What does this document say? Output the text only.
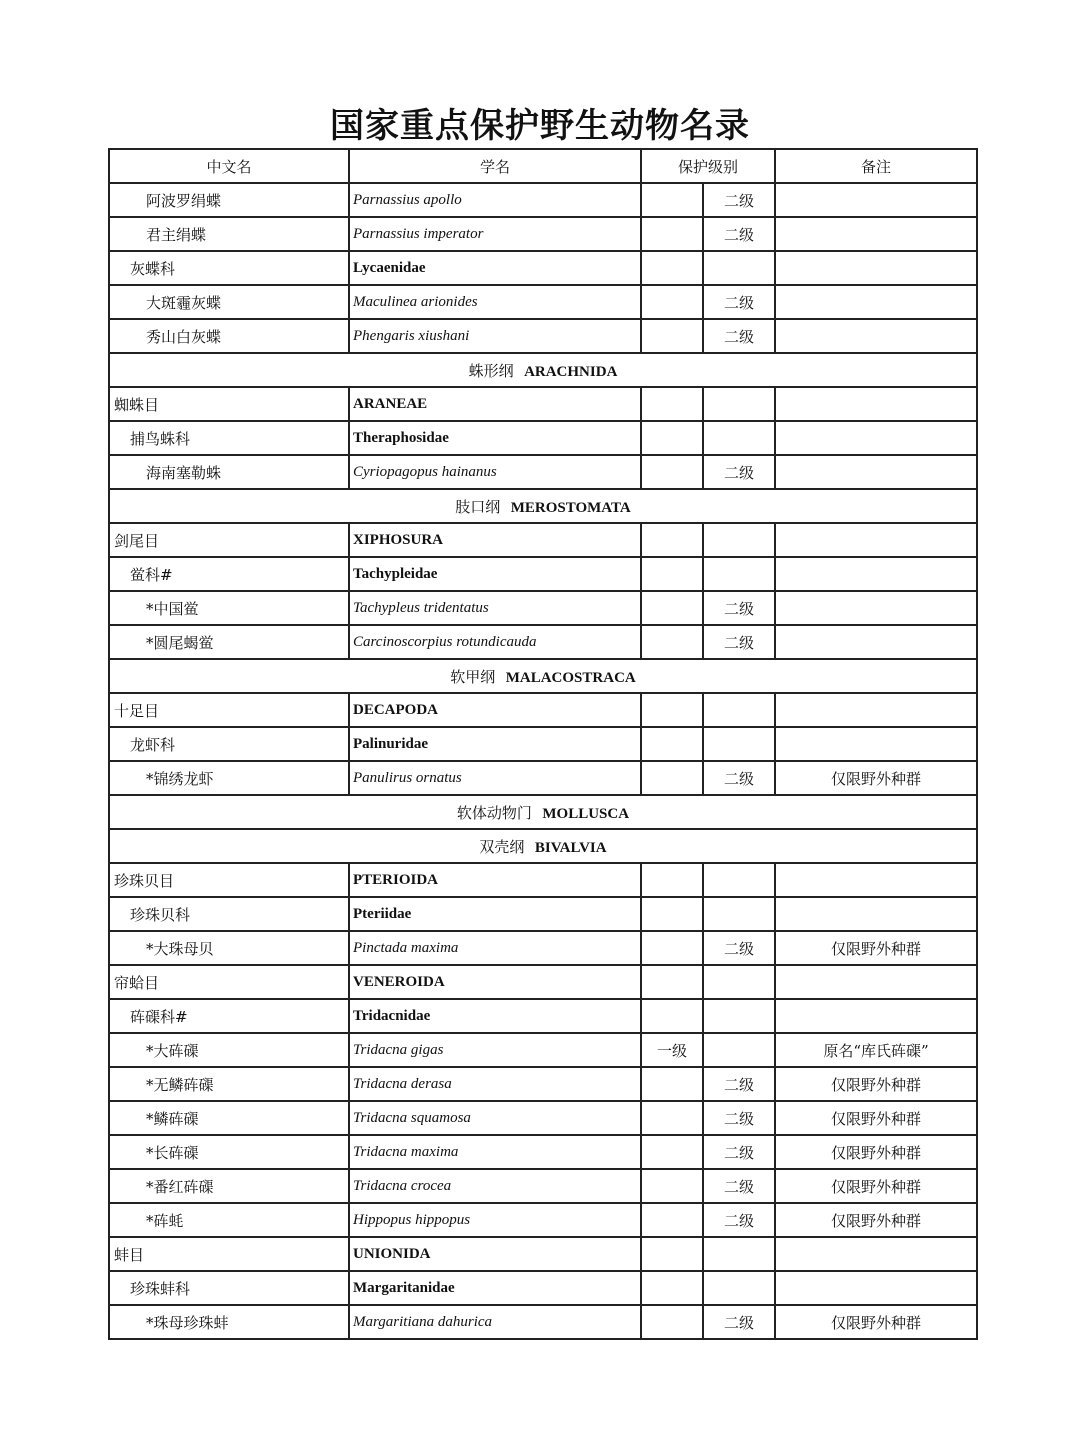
国家重点保护野生动物名录
中文名	学名	保护级别		备注
阿波罗绢蝶	Parnassius apollo		二级	
君主绢蝶	Parnassius imperator		二级	
灰蝶科	Lycaenidae			
大斑霾灰蝶	Maculinea arionides		二级	
秀山白灰蝶	Phengaris xiushani		二级	
蛛形纲 ARACHNIDA				
蜘蛛目	ARANEAE			
捕鸟蛛科	Theraphosidae			
海南塞勒蛛	Cyriopagopus hainanus		二级	
肢口纲 MEROSTOMATA				
剑尾目	XIPHOSURA			
鲎科#	Tachypleidae			
*中国鲎	Tachypleus tridentatus		二级	
*圆尾蝎鲎	Carcinoscorpius rotundicauda		二级	
软甲纲 MALACOSTRACA				
十足目	DECAPODA			
龙虾科	Palinuridae			
*锦绣龙虾	Panulirus ornatus		二级	仅限野外种群
软体动物门 MOLLUSCA				
双壳纲 BIVALVIA				
珍珠贝目	PTERIOIDA			
珍珠贝科	Pteriidae			
*大珠母贝	Pinctada maxima		二级	仅限野外种群
帘蛤目	VENEROIDA			
砗磲科#	Tridacnidae			
*大砗磲	Tridacna gigas	一级		原名“库氏砗磲”
*无鳞砗磲	Tridacna derasa		二级	仅限野外种群
*鳞砗磲	Tridacna squamosa		二级	仅限野外种群
*长砗磲	Tridacna maxima		二级	仅限野外种群
*番红砗磲	Tridacna crocea		二级	仅限野外种群
*砗蚝	Hippopus hippopus		二级	仅限野外种群
蚌目	UNIONIDA			
珍珠蚌科	Margaritanidae			
*珠母珍珠蚌	Margaritiana dahurica		二级	仅限野外种群
